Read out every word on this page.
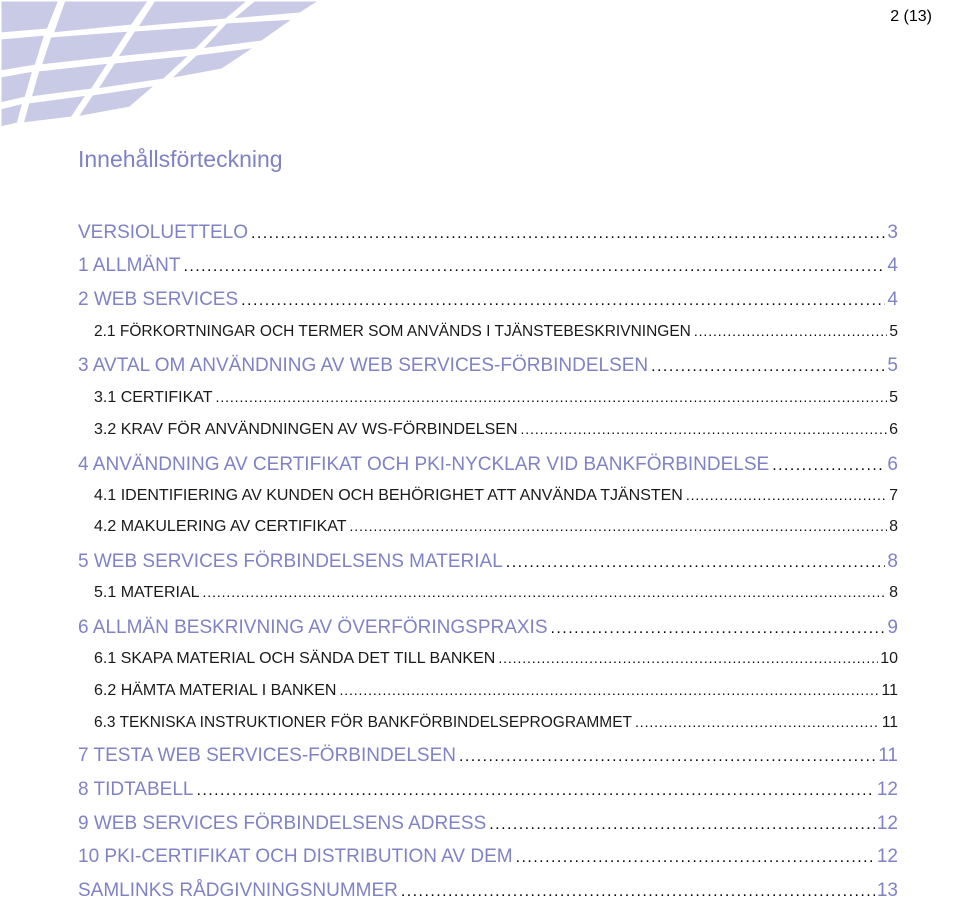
2 (13)
Innehållsförteckning
VERSIOLUETTELO . . .	3
1 ALLMÄNT . . .	4
2 WEB SERVICES . . .	4
2.1 FÖRKORTNINGAR OCH TERMER SOM ANVÄNDS I TJÄNSTEBESKRIVNINGEN . . .	5
3 AVTAL OM ANVÄNDNING AV WEB SERVICES-FÖRBINDELSEN . . .	5
3.1 CERTIFIKAT . . .	5
3.2 KRAV FÖR ANVÄNDNINGEN AV WS-FÖRBINDELSEN . . .	6
4 ANVÄNDNING AV CERTIFIKAT OCH PKI-NYCKLAR VID BANKFÖRBINDELSE . . .	6
4.1 IDENTIFIERING AV KUNDEN OCH BEHÖRIGHET ATT ANVÄNDA TJÄNSTEN . . .	7
4.2 MAKULERING AV CERTIFIKAT . . .	8
5 WEB SERVICES FÖRBINDELSENS MATERIAL . . .	8
5.1 MATERIAL . . .	8
6 ALLMÄN BESKRIVNING AV ÖVERFÖRINGSPRAXIS . . .	9
6.1 SKAPA MATERIAL OCH SÄNDA DET TILL BANKEN . . .	10
6.2 HÄMTA MATERIAL I BANKEN . . .	11
6.3 TEKNISKA INSTRUKTIONER FÖR BANKFÖRBINDELSEPROGRAMMET . . .	11
7 TESTA WEB SERVICES-FÖRBINDELSEN . . .	11
8 TIDTABELL . . .	12
9 WEB SERVICES FÖRBINDELSENS ADRESS . . .	12
10 PKI-CERTIFIKAT OCH DISTRIBUTION AV DEM . . .	12
SAMLINKS RÅDGIVNINGSNUMMER . . .	13
